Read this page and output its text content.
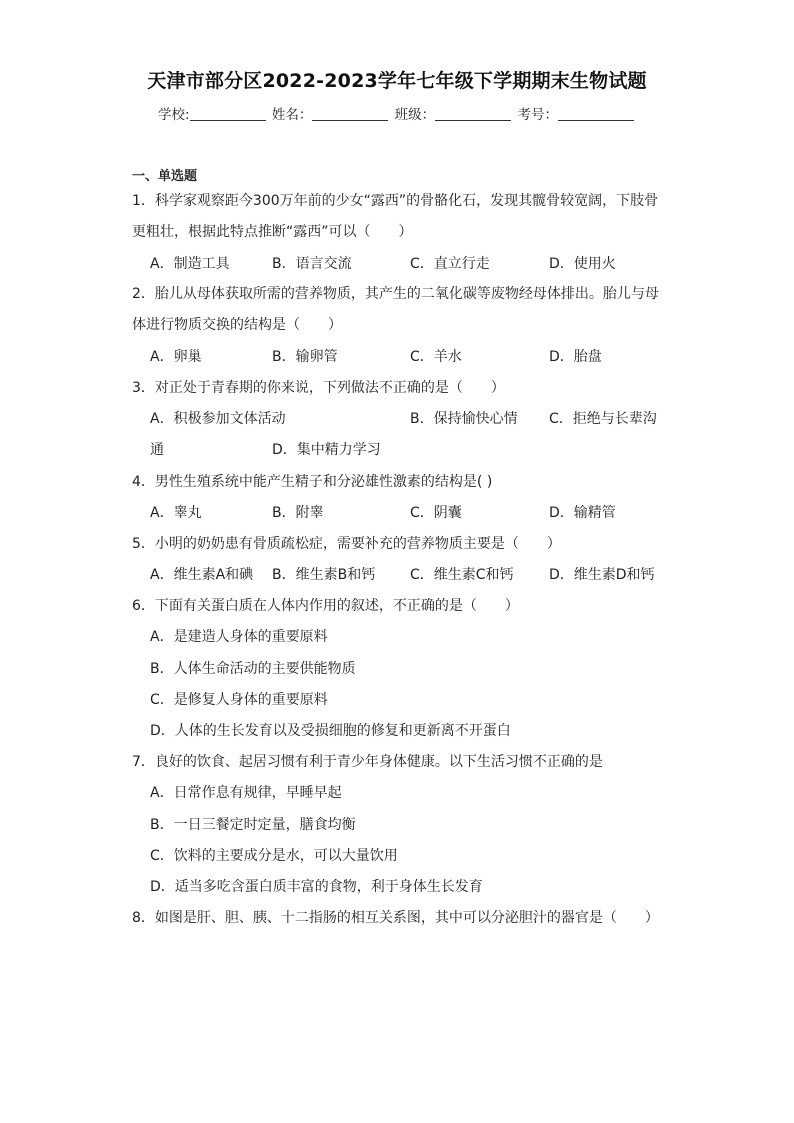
天津市部分区2022-2023学年七年级下学期期末生物试题
学校:	姓名：	班级：	考号：
一、单选题
1．科学家观察距今300万年前的少女“露西”的骨骼化石，发现其髋骨较宽阔，下肢骨
更粗壮，根据此特点推断“露西”可以（　　）
A．制造工具	B．语言交流	C．直立行走	D．使用火
2．胎儿从母体获取所需的营养物质，其产生的二氧化碳等废物经母体排出。胎儿与母
体进行物质交换的结构是（　　）
A．卵巢	B．输卵管	C．羊水	D．胎盘
3．对正处于青春期的你来说，下列做法不正确的是（　　）
A．积极参加文体活动	B．保持愉快心情 C．拒绝与长辈沟
通	D．集中精力学习
4．男性生殖系统中能产生精子和分泌雄性激素的结构是( )
A．睾丸	B．附睾	C．阴囊	D．输精管
5．小明的奶奶患有骨质疏松症，需要补充的营养物质主要是（　　）
A．维生素A和碘 B．维生素B和钙 C．维生素C和钙	D．维生素D和钙
6．下面有关蛋白质在人体内作用的叙述，不正确的是（　　）
A．是建造人身体的重要原料
B．人体生命活动的主要供能物质
C．是修复人身体的重要原料
D．人体的生长发育以及受损细胞的修复和更新离不开蛋白
7．良好的饮食、起居习惯有利于青少年身体健康。以下生活习惯不正确的是
A．日常作息有规律，早睡早起
B．一日三餐定时定量，膳食均衡
C．饮料的主要成分是水，可以大量饮用
D．适当多吃含蛋白质丰富的食物，利于身体生长发育
8．如图是肝、胆、胰、十二指肠的相互关系图，其中可以分泌胆汁的器官是（　　）
